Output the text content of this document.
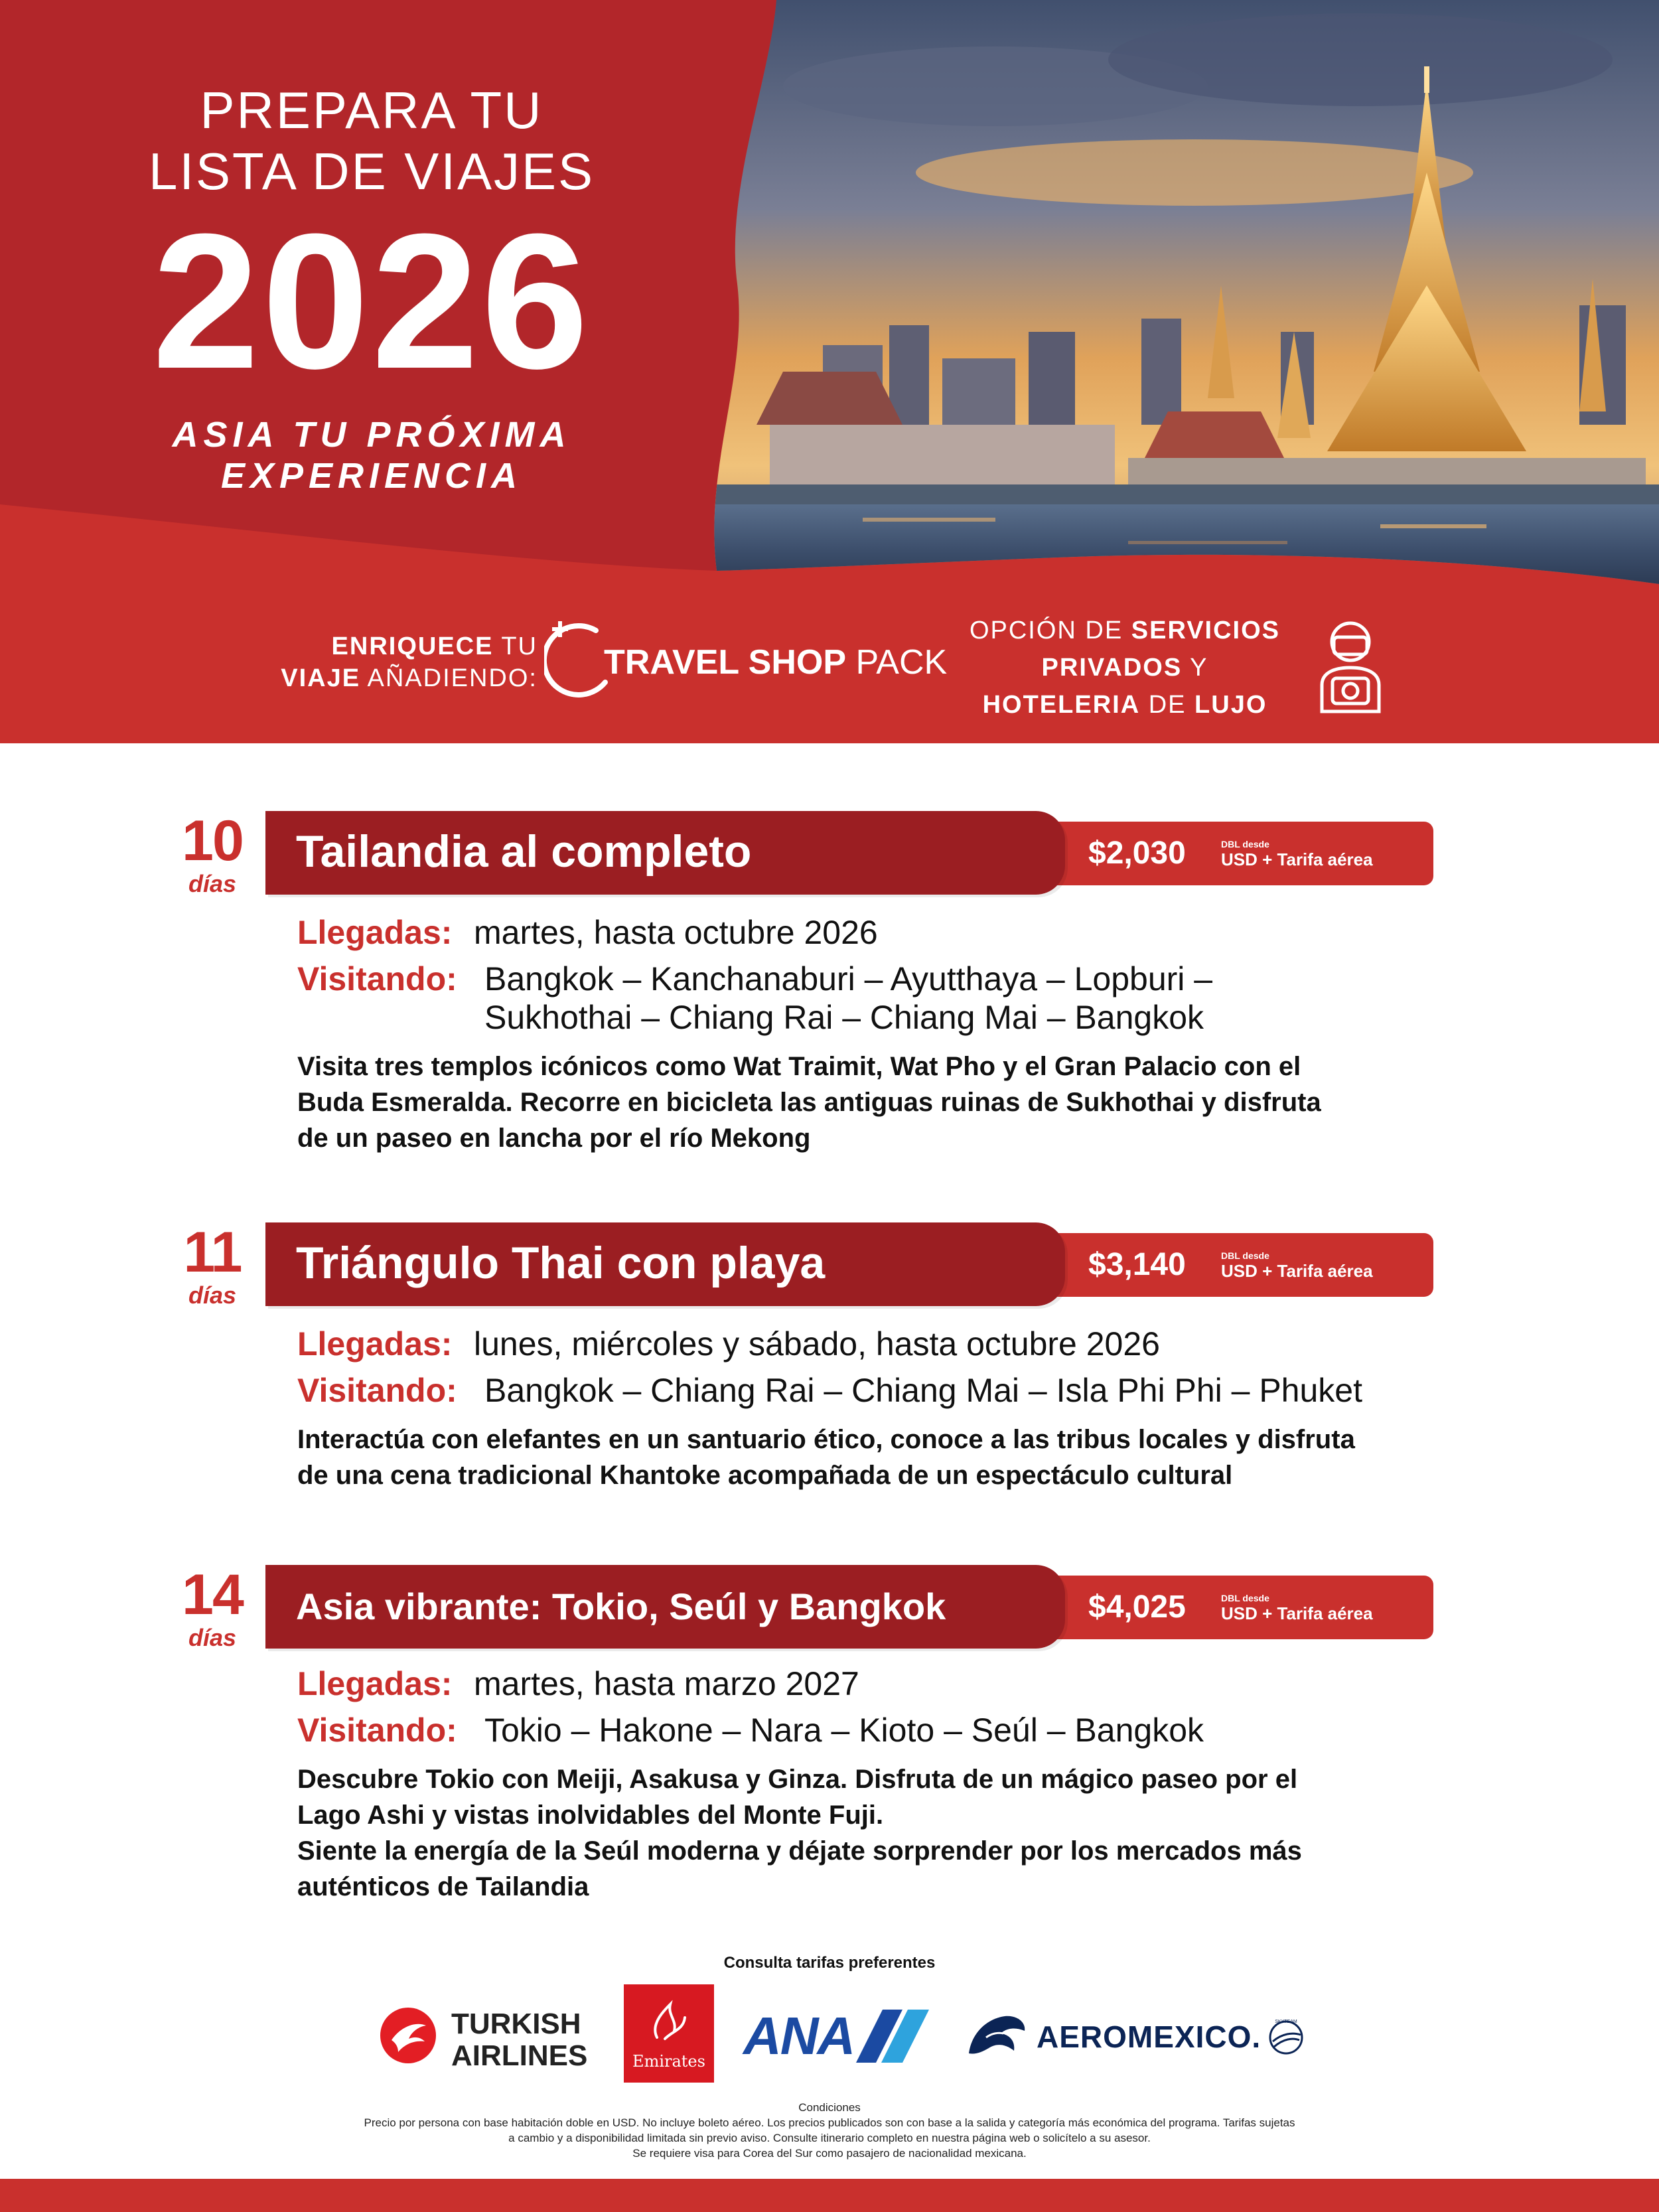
PREPARA TU
LISTA DE VIAJES
2026
ASIA TU PRÓXIMA EXPERIENCIA
ENRIQUECE TU
VIAJE AÑADIENDO: TRAVEL SHOP PACK
OPCIÓN DE SERVICIOS
PRIVADOS Y
HOTELERIA DE LUJO
10
días
$2,030	DBL desde
USD + Tarifa aérea
Tailandia al completo
Llegadas: martes, hasta octubre 2026
Visitando: Bangkok – Kanchanaburi – Ayutthaya – Lopburi –
Sukhothai – Chiang Rai – Chiang Mai – Bangkok
Visita tres templos icónicos como Wat Traimit, Wat Pho y el Gran Palacio con el
Buda Esmeralda. Recorre en bicicleta las antiguas ruinas de Sukhothai y disfruta
de un paseo en lancha por el río Mekong
11
días
$3,140	DBL desde
USD + Tarifa aérea
Triángulo Thai con playa
Llegadas: lunes, miércoles y sábado, hasta octubre 2026
Visitando: Bangkok – Chiang Rai – Chiang Mai – Isla Phi Phi – Phuket
Interactúa con elefantes en un santuario ético, conoce a las tribus locales y disfruta
de una cena tradicional Khantoke acompañada de un espectáculo cultural
14
días
$4,025	DBL desde
USD + Tarifa aérea
Asia vibrante: Tokio, Seúl y Bangkok
Llegadas: martes, hasta marzo 2027
Visitando: Tokio – Hakone – Nara – Kioto – Seúl – Bangkok
Descubre Tokio con Meiji, Asakusa y Ginza. Disfruta de un mágico paseo por el
Lago Ashi y vistas inolvidables del Monte Fuji.
Siente la energía de la Seúl moderna y déjate sorprender por los mercados más
auténticos de Tailandia
Consulta tarifas preferentes
TURKISH
AIRLINES	Emirates ANA	AEROMEXICO.	SKYTEAM
Condiciones
Precio por persona con base habitación doble en USD. No incluye boleto aéreo. Los precios publicados son con base a la salida y categoría más económica del programa. Tarifas sujetas
a cambio y a disponibilidad limitada sin previo aviso. Consulte itinerario completo en nuestra página web o solicítelo a su asesor.
Se requiere visa para Corea del Sur como pasajero de nacionalidad mexicana.
